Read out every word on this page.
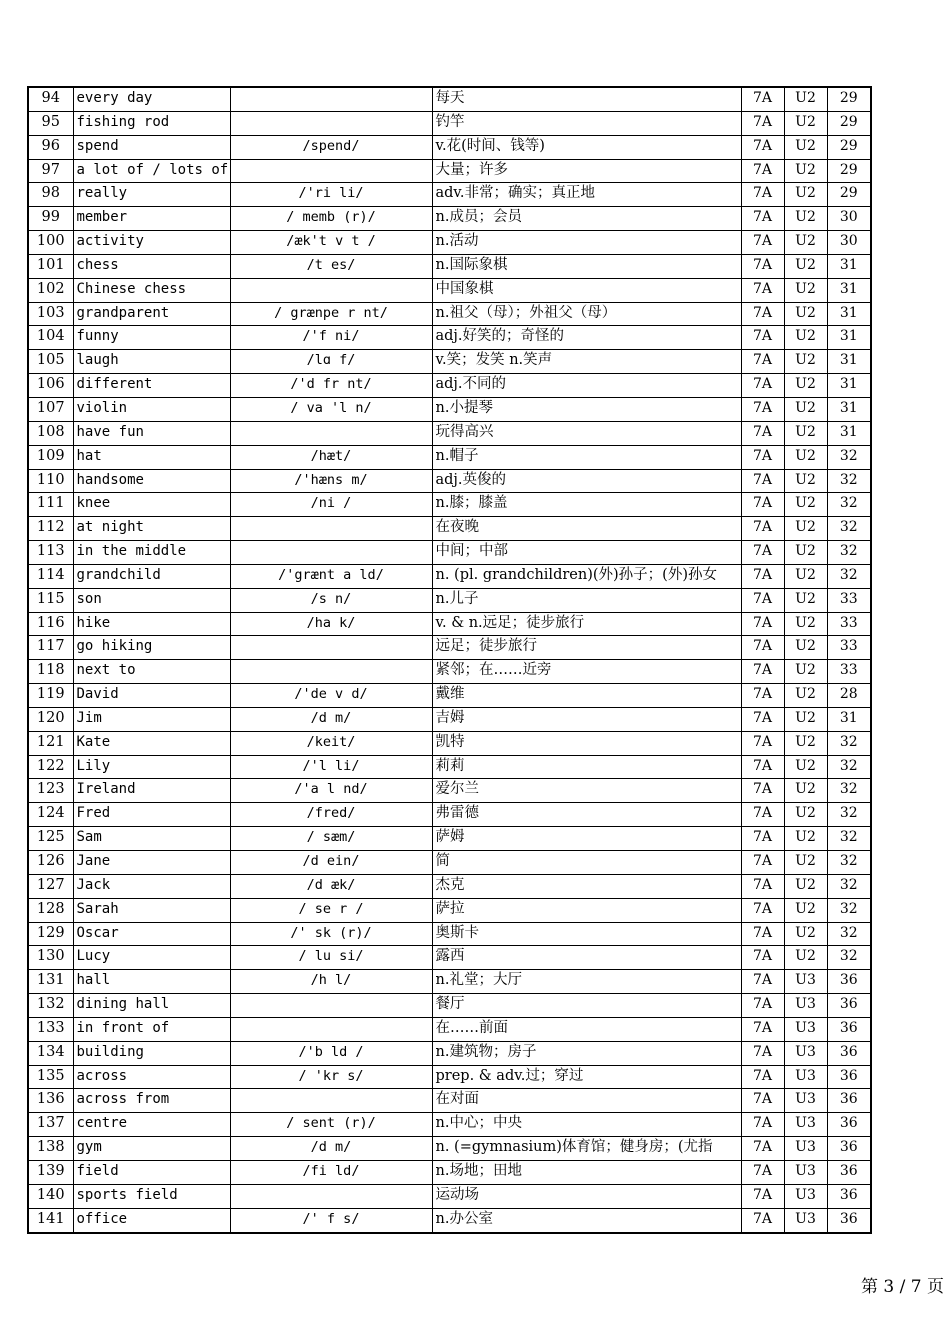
94	every day		每天	7A	U2	29
95	fishing rod		钓竿	7A	U2	29
96	spend	/spend/	v.花(时间、钱等)	7A	U2	29
97	a lot of / lots of		大量；许多	7A	U2	29
98	really	/'ri li/	adv.非常；确实；真正地	7A	U2	29
99	member	/ memb (r)/	n.成员；会员	7A	U2	30
100	activity	/æk't v t /	n.活动	7A	U2	30
101	chess	/t es/	n.国际象棋	7A	U2	31
102	Chinese chess		中国象棋	7A	U2	31
103	grandparent	/ grænpe r nt/	n.祖父（母）；外祖父（母）	7A	U2	31
104	funny	/'f ni/	adj.好笑的；奇怪的	7A	U2	31
105	laugh	/lɑ f/	v.笑；发笑 n.笑声	7A	U2	31
106	different	/'d fr nt/	adj.不同的	7A	U2	31
107	violin	/ va 'l n/	n.小提琴	7A	U2	31
108	have fun		玩得高兴	7A	U2	31
109	hat	/hæt/	n.帽子	7A	U2	32
110	handsome	/'hæns m/	adj.英俊的	7A	U2	32
111	knee	/ni /	n.膝；膝盖	7A	U2	32
112	at night		在夜晚	7A	U2	32
113	in the middle		中间；中部	7A	U2	32
114	grandchild	/'grænt a ld/	n. (pl. grandchildren)(外)孙子；(外)孙女	7A	U2	32
115	son	/s n/	n.儿子	7A	U2	33
116	hike	/ha k/	v. & n.远足；徒步旅行	7A	U2	33
117	go hiking		远足；徒步旅行	7A	U2	33
118	next to		紧邻；在……近旁	7A	U2	33
119	David	/'de v d/	戴维	7A	U2	28
120	Jim	/d m/	吉姆	7A	U2	31
121	Kate	/keit/	凯特	7A	U2	32
122	Lily	/'l li/	莉莉	7A	U2	32
123	Ireland	/'a l nd/	爱尔兰	7A	U2	32
124	Fred	/fred/	弗雷德	7A	U2	32
125	Sam	/ sæm/	萨姆	7A	U2	32
126	Jane	/d ein/	简	7A	U2	32
127	Jack	/d æk/	杰克	7A	U2	32
128	Sarah	/ se r /	萨拉	7A	U2	32
129	Oscar	/' sk (r)/	奥斯卡	7A	U2	32
130	Lucy	/ lu si/	露西	7A	U2	32
131	hall	/h l/	n.礼堂；大厅	7A	U3	36
132	dining hall		餐厅	7A	U3	36
133	in front of		在……前面	7A	U3	36
134	building	/'b ld /	n.建筑物；房子	7A	U3	36
135	across	/ 'kr s/	prep. & adv.过；穿过	7A	U3	36
136	across from		在对面	7A	U3	36
137	centre	/ sent (r)/	n.中心；中央	7A	U3	36
138	gym	/d m/	n. (=gymnasium)体育馆；健身房；(尤指	7A	U3	36
139	field	/fi ld/	n.场地；田地	7A	U3	36
140	sports field		运动场	7A	U3	36
141	office	/' f s/	n.办公室	7A	U3	36
第 3 / 7 页
